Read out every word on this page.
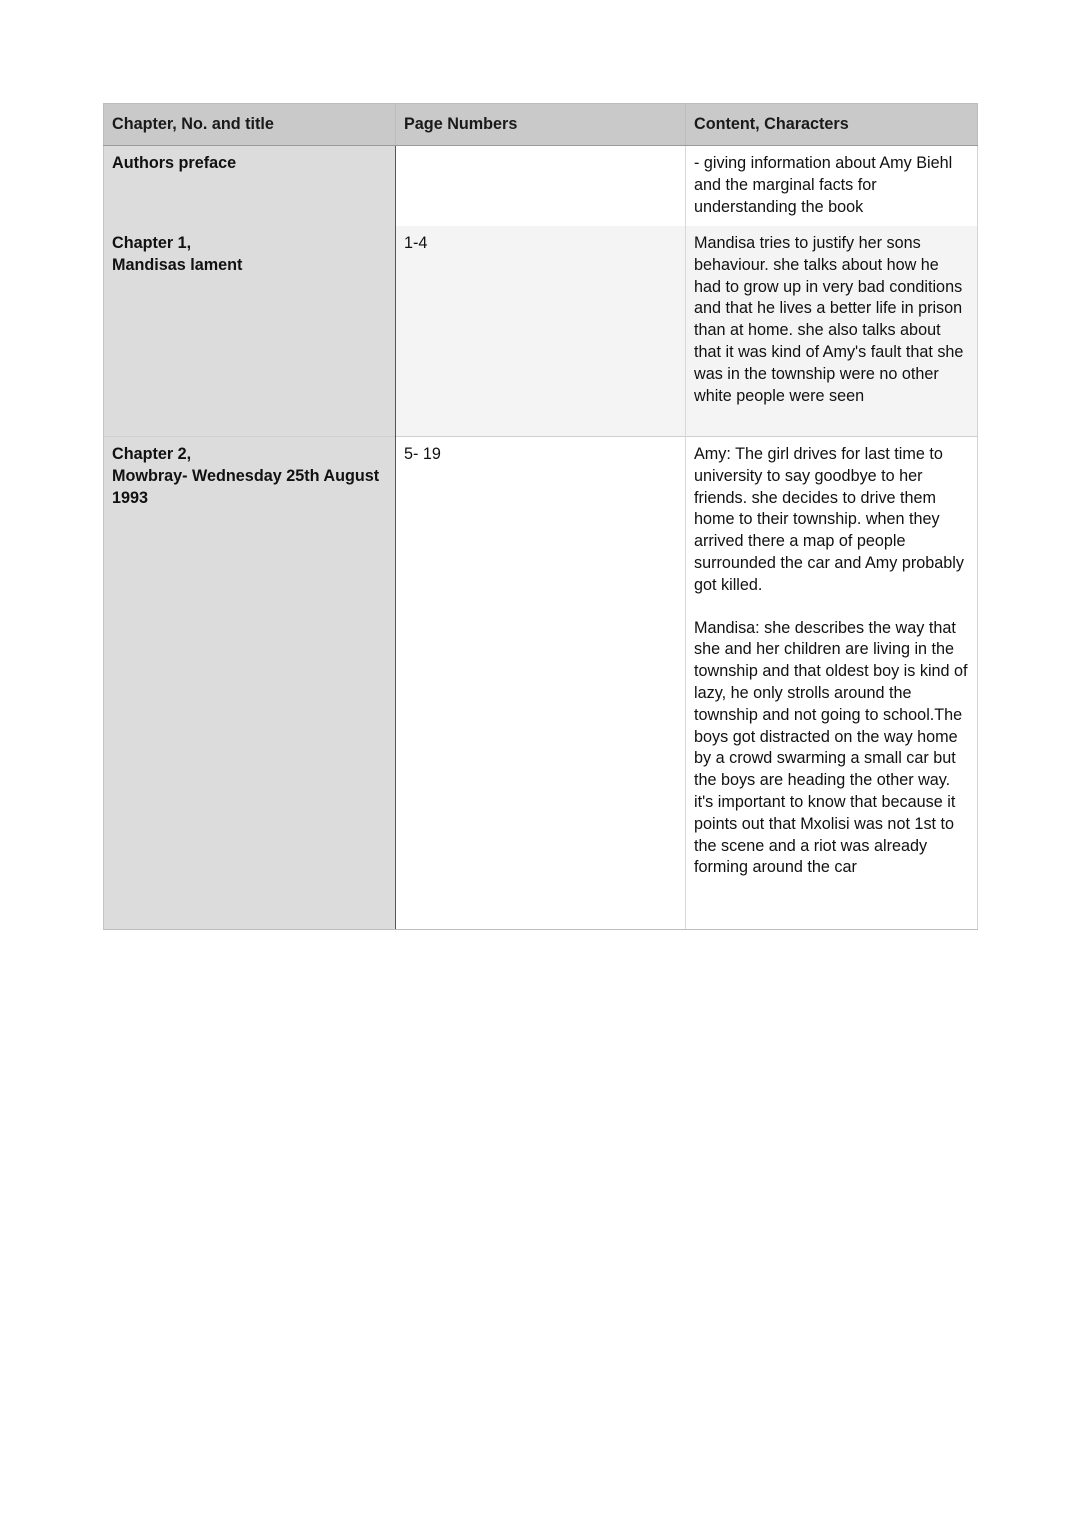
Chapter, No. and title	Page Numbers	Content, Characters

Authors preface		- giving information about Amy Biehl and the marginal facts for understanding the book

Chapter 1,
Mandisas lament	1-4	Mandisa tries to justify her sons behaviour. she talks about how he had to grow up in very bad conditions and that he lives a better life in prison than at home. she also talks about that it was kind of Amy's fault that she was in the township were no other white people were seen

Chapter 2,
Mowbray- Wednesday 25th August 1993	5- 19	Amy: The girl drives for last time to university to say goodbye to her friends. she decides to drive them home to their township. when they arrived there a map of people surrounded the car and Amy probably got killed.
Mandisa: she describes the way that she and her children are living in the township and that oldest boy is kind of lazy, he only strolls around the township and not going to school.The boys got distracted on the way home by a crowd swarming a small car but the boys are heading the other way. it's important to know that because it points out that Mxolisi was not 1st to the scene and a riot was already forming around the car
